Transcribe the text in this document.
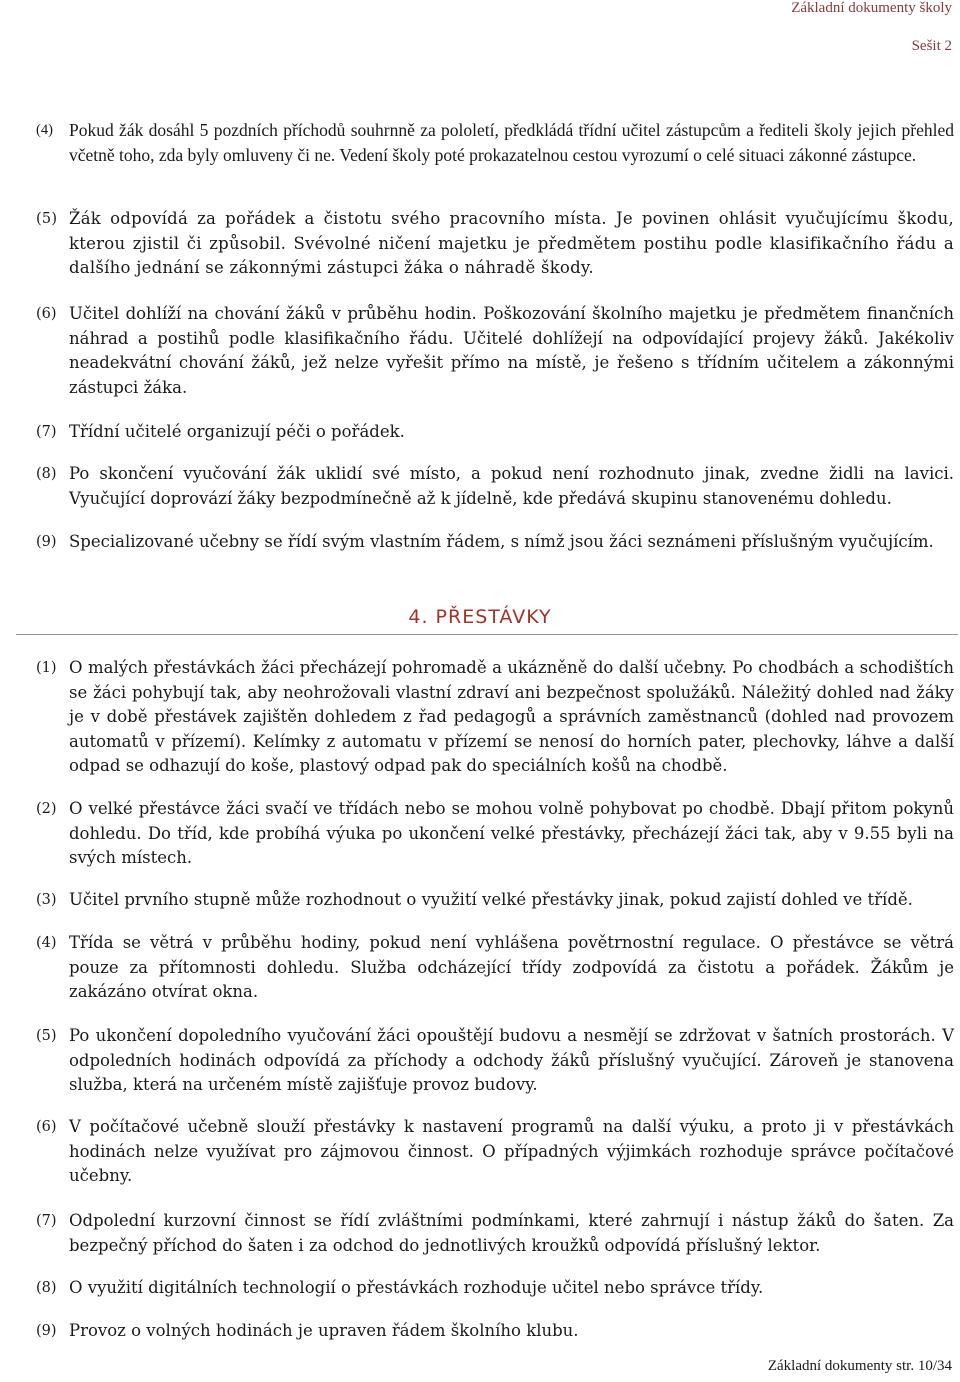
Základní dokumenty školy
Sešit 2
(4) Pokud žák dosáhl 5 pozdních příchodů souhrnně za pololetí, předkládá třídní učitel zástupcům a řediteli školy jejich přehled včetně toho, zda byly omluveny či ne. Vedení školy poté prokazatelnou cestou vyrozumí o celé situaci zákonné zástupce.
(5) Žák odpovídá za pořádek a čistotu svého pracovního místa. Je povinen ohlásit vyučujícímu škodu, kterou zjistil či způsobil. Svévolné ničení majetku je předmětem postihu podle klasifikačního řádu a dalšího jednání se zákonnými zástupci žáka o náhradě škody.
(6) Učitel dohlíží na chování žáků v průběhu hodin. Poškozování školního majetku je předmětem finančních náhrad a postihů podle klasifikačního řádu. Učitelé dohlížejí na odpovídající projevy žáků. Jakékoliv neadekvátní chování žáků, jež nelze vyřešit přímo na místě, je řešeno s třídním učitelem a zákonnými zástupci žáka.
(7) Třídní učitelé organizují péči o pořádek.
(8) Po skončení vyučování žák uklidí své místo, a pokud není rozhodnuto jinak, zvedne židli na lavici. Vyučující doprovází žáky bezpodmínečně až k jídelně, kde předává skupinu stanovenému dohledu.
(9) Specializované učebny se řídí svým vlastním řádem, s nímž jsou žáci seznámeni příslušným vyučujícím.
4. PŘESTÁVKY
(1) O malých přestávkách žáci přecházejí pohromadě a ukázněně do další učebny. Po chodbách a schodištích se žáci pohybují tak, aby neohrožovali vlastní zdraví ani bezpečnost spolužáků. Náležitý dohled nad žáky je v době přestávek zajištěn dohledem z řad pedagogů a správních zaměstnanců (dohled nad provozem automatů v přízemí). Kelímky z automatu v přízemí se nenosí do horních pater, plechovky, láhve a další odpad se odhazují do koše, plastový odpad pak do speciálních košů na chodbě.
(2) O velké přestávce žáci svačí ve třídách nebo se mohou volně pohybovat po chodbě. Dbají přitom pokynů dohledu. Do tříd, kde probíhá výuka po ukončení velké přestávky, přecházejí žáci tak, aby v 9.55 byli na svých místech.
(3) Učitel prvního stupně může rozhodnout o využití velké přestávky jinak, pokud zajistí dohled ve třídě.
(4) Třída se větrá v průběhu hodiny, pokud není vyhlášena povětrnostní regulace. O přestávce se větrá pouze za přítomnosti dohledu. Služba odcházející třídy zodpovídá za čistotu a pořádek. Žákům je zakázáno otvírat okna.
(5) Po ukončení dopoledního vyučování žáci opouštějí budovu a nesmějí se zdržovat v šatních prostorách. V odpoledních hodinách odpovídá za příchody a odchody žáků příslušný vyučující. Zároveň je stanovena služba, která na určeném místě zajišťuje provoz budovy.
(6) V počítačové učebně slouží přestávky k nastavení programů na další výuku, a proto ji v přestávkách hodinách nelze využívat pro zájmovou činnost. O případných výjimkách rozhoduje správce počítačové učebny.
(7) Odpolední kurzovní činnost se řídí zvláštními podmínkami, které zahrnují i nástup žáků do šaten. Za bezpečný příchod do šaten i za odchod do jednotlivých kroužků odpovídá příslušný lektor.
(8) O využití digitálních technologií o přestávkách rozhoduje učitel nebo správce třídy.
(9) Provoz o volných hodinách je upraven řádem školního klubu.
Základní dokumenty str. 10/34
